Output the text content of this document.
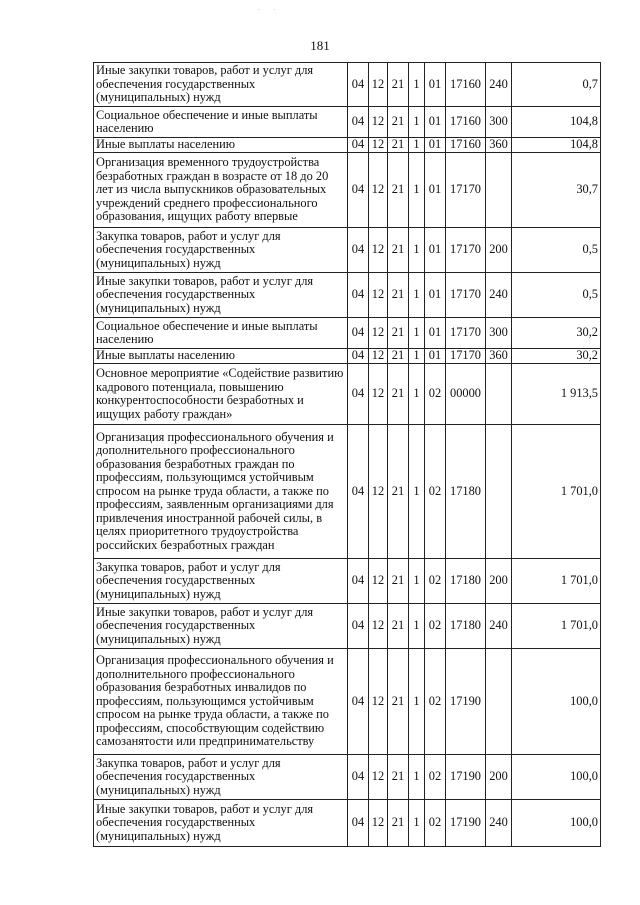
. .
181
Иные закупки товаров, работ и услуг для обеспечения государственных (муниципальных) нужд	04	12	21	1	01	17160	240	0,7
Социальное обеспечение и иные выплаты населению	04	12	21	1	01	17160	300	104,8
Иные выплаты населению	04	12	21	1	01	17160	360	104,8
Организация временного трудоустройства безработных граждан в возрасте от 18 до 20 лет из числа выпускников образовательных учреждений среднего профессионального образования, ищущих работу впервые	04	12	21	1	01	17170		30,7
Закупка товаров, работ и услуг для обеспечения государственных (муниципальных) нужд	04	12	21	1	01	17170	200	0,5
Иные закупки товаров, работ и услуг для обеспечения государственных (муниципальных) нужд	04	12	21	1	01	17170	240	0,5
Социальное обеспечение и иные выплаты населению	04	12	21	1	01	17170	300	30,2
Иные выплаты населению	04	12	21	1	01	17170	360	30,2
Основное мероприятие «Содействие развитию кадрового потенциала, повышению конкурентоспособности безработных и ищущих работу граждан»	04	12	21	1	02	00000		1 913,5
Организация профессионального обучения и дополнительного профессионального образования безработных граждан по профессиям, пользующимся устойчивым спросом на рынке труда области, а также по профессиям, заявленным организациями для привлечения иностранной рабочей силы, в целях приоритетного трудоустройства российских безработных граждан	04	12	21	1	02	17180		1 701,0
Закупка товаров, работ и услуг для обеспечения государственных (муниципальных) нужд	04	12	21	1	02	17180	200	1 701,0
Иные закупки товаров, работ и услуг для обеспечения государственных (муниципальных) нужд	04	12	21	1	02	17180	240	1 701,0
Организация профессионального обучения и дополнительного профессионального образования безработных инвалидов по профессиям, пользующимся устойчивым спросом на рынке труда области, а также по профессиям, способствующим содействию самозанятости или предпринимательству	04	12	21	1	02	17190		100,0
Закупка товаров, работ и услуг для обеспечения государственных (муниципальных) нужд	04	12	21	1	02	17190	200	100,0
Иные закупки товаров, работ и услуг для обеспечения государственных (муниципальных) нужд	04	12	21	1	02	17190	240	100,0
